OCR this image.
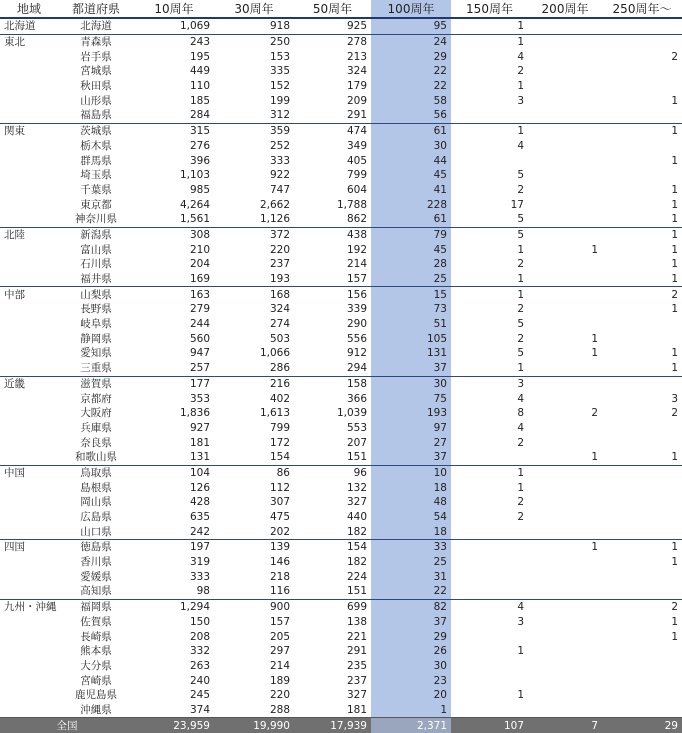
地域	都道府県	10周年	30周年	50周年	100周年	150周年	200周年	250周年〜
北海道	北海道	1,069	918	925	95	1		
東北	青森県	243	250	278	24	1		
	岩手県	195	153	213	29	4		2
	宮城県	449	335	324	22	2		
	秋田県	110	152	179	22	1		
	山形県	185	199	209	58	3		1
	福島県	284	312	291	56			
関東	茨城県	315	359	474	61	1		1
	栃木県	276	252	349	30	4		
	群馬県	396	333	405	44			1
	埼玉県	1,103	922	799	45	5		
	千葉県	985	747	604	41	2		1
	東京都	4,264	2,662	1,788	228	17		1
	神奈川県	1,561	1,126	862	61	5		1
北陸	新潟県	308	372	438	79	5		1
	富山県	210	220	192	45	1	1	1
	石川県	204	237	214	28	2		1
	福井県	169	193	157	25	1		1
中部	山梨県	163	168	156	15	1		2
	長野県	279	324	339	73	2		1
	岐阜県	244	274	290	51	5		
	静岡県	560	503	556	105	2	1	
	愛知県	947	1,066	912	131	5	1	1
	三重県	257	286	294	37	1		1
近畿	滋賀県	177	216	158	30	3		
	京都府	353	402	366	75	4		3
	大阪府	1,836	1,613	1,039	193	8	2	2
	兵庫県	927	799	553	97	4		
	奈良県	181	172	207	27	2		
	和歌山県	131	154	151	37		1	1
中国	鳥取県	104	86	96	10	1		
	島根県	126	112	132	18	1		
	岡山県	428	307	327	48	2		
	広島県	635	475	440	54	2		
	山口県	242	202	182	18			
四国	徳島県	197	139	154	33		1	1
	香川県	319	146	182	25			1
	愛媛県	333	218	224	31			
	高知県	98	116	151	22			
九州・沖縄	福岡県	1,294	900	699	82	4		2
	佐賀県	150	157	138	37	3		1
	長崎県	208	205	221	29			1
	熊本県	332	297	291	26	1		
	大分県	263	214	235	30			
	宮崎県	240	189	237	23			
	鹿児島県	245	220	327	20	1		
	沖縄県	374	288	181	1			
全国		23,959	19,990	17,939	2,371	107	7	29
